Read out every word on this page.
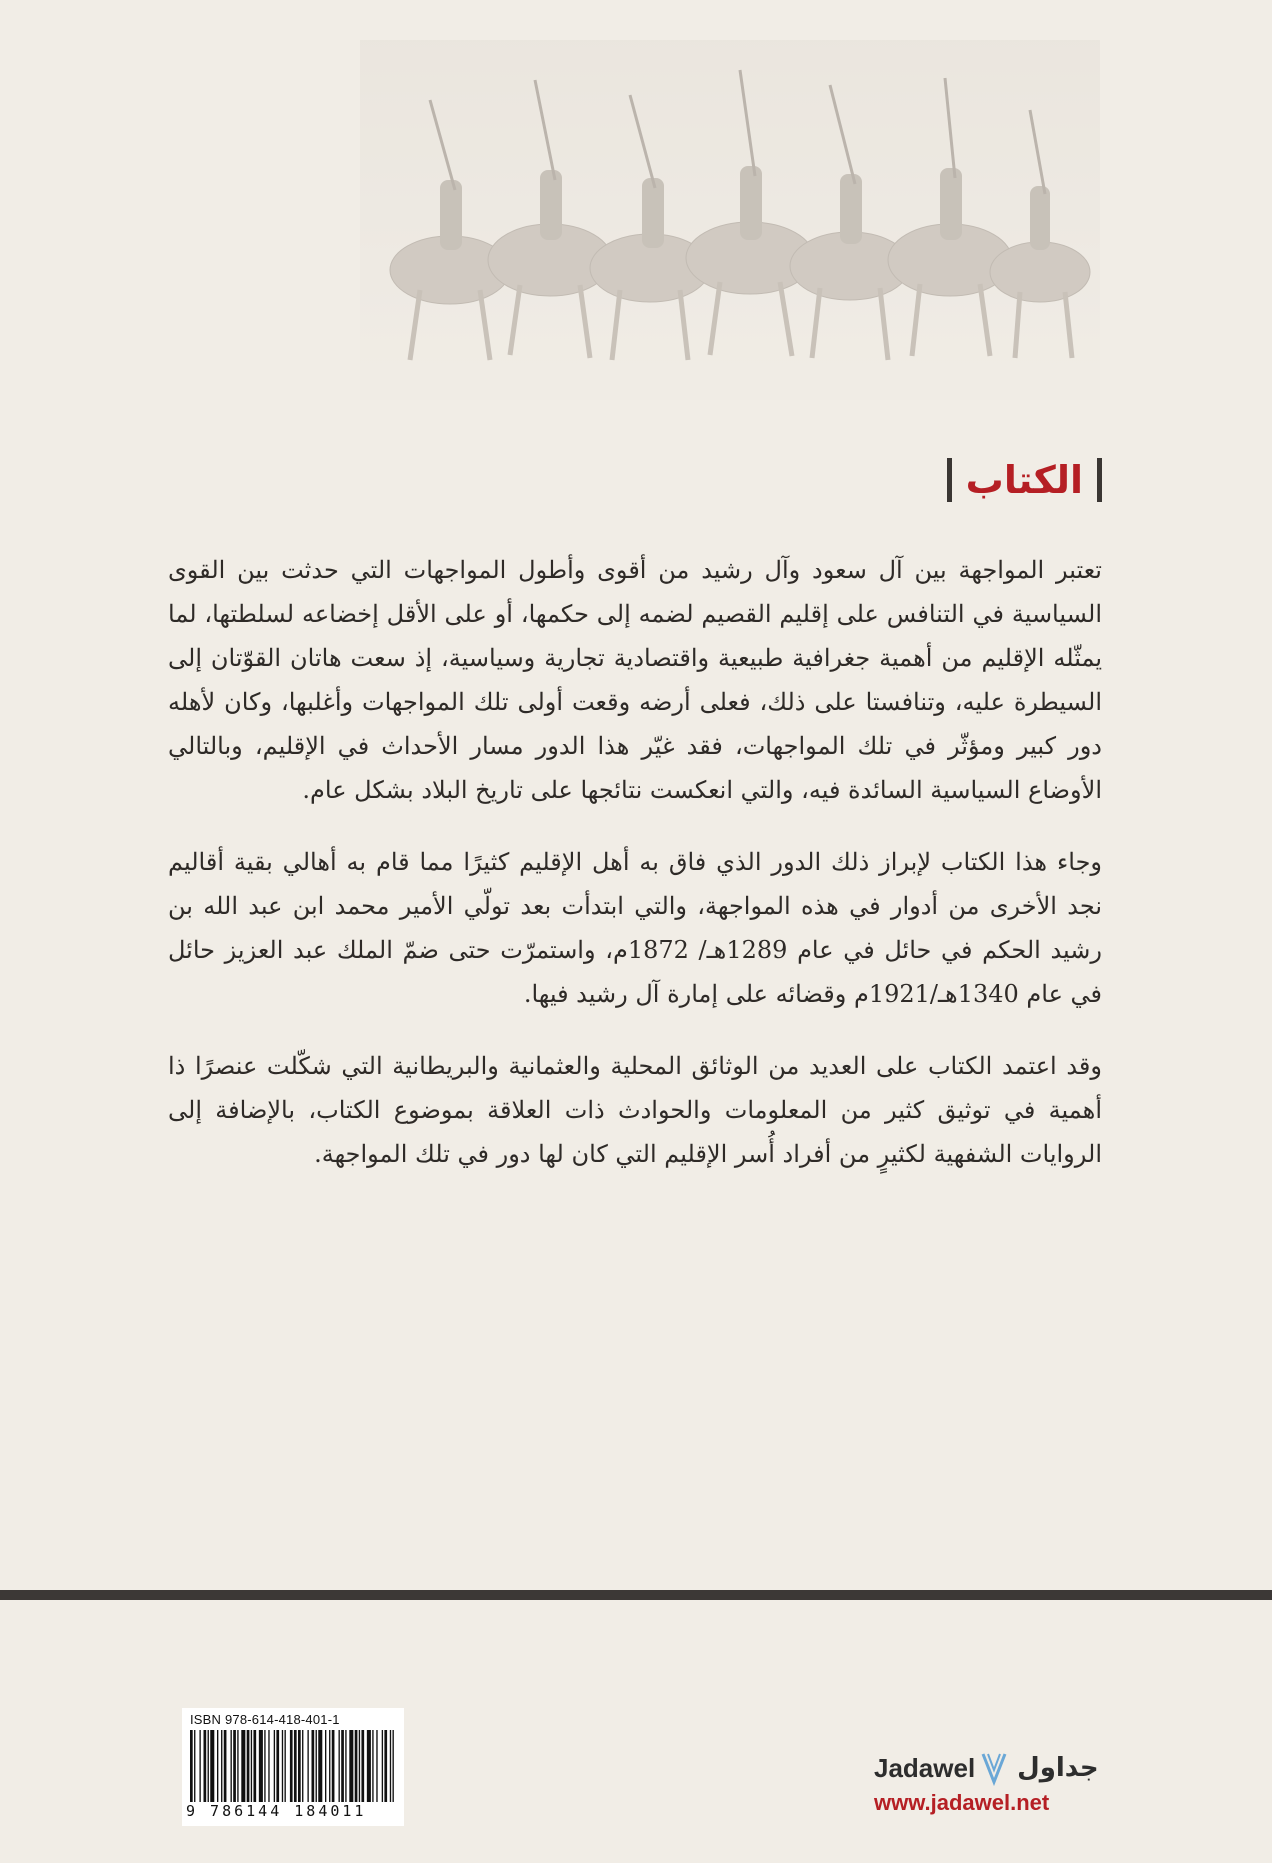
الكتاب

تعتبر المواجهة بين آل سعود وآل رشيد من أقوى وأطول المواجهات التي حدثت بين القوى السياسية في التنافس على إقليم القصيم لضمه إلى حكمها، أو على الأقل إخضاعه لسلطتها، لما يمثّله الإقليم من أهمية جغرافية طبيعية واقتصادية تجارية وسياسية، إذ سعت هاتان القوّتان إلى السيطرة عليه، وتنافستا على ذلك، فعلى أرضه وقعت أولى تلك المواجهات وأغلبها، وكان لأهله دور كبير ومؤثّر في تلك المواجهات، فقد غيّر هذا الدور مسار الأحداث في الإقليم، وبالتالي الأوضاع السياسية السائدة فيه، والتي انعكست نتائجها على تاريخ البلاد بشكل عام.

وجاء هذا الكتاب لإبراز ذلك الدور الذي فاق به أهل الإقليم كثيرًا مما قام به أهالي بقية أقاليم نجد الأخرى من أدوار في هذه المواجهة، والتي ابتدأت بعد تولّي الأمير محمد ابن عبد الله بن رشيد الحكم في حائل في عام 1289هـ/ 1872م، واستمرّت حتى ضمّ الملك عبد العزيز حائل في عام 1340هـ/1921م وقضائه على إمارة آل رشيد فيها.

وقد اعتمد الكتاب على العديد من الوثائق المحلية والعثمانية والبريطانية التي شكّلت عنصرًا ذا أهمية في توثيق كثير من المعلومات والحوادث ذات العلاقة بموضوع الكتاب، بالإضافة إلى الروايات الشفهية لكثيرٍ من أفراد أُسر الإقليم التي كان لها دور في تلك المواجهة.

ISBN 978-614-418-401-1
9 786144 184011
Jadawel جداول
www.jadawel.net
